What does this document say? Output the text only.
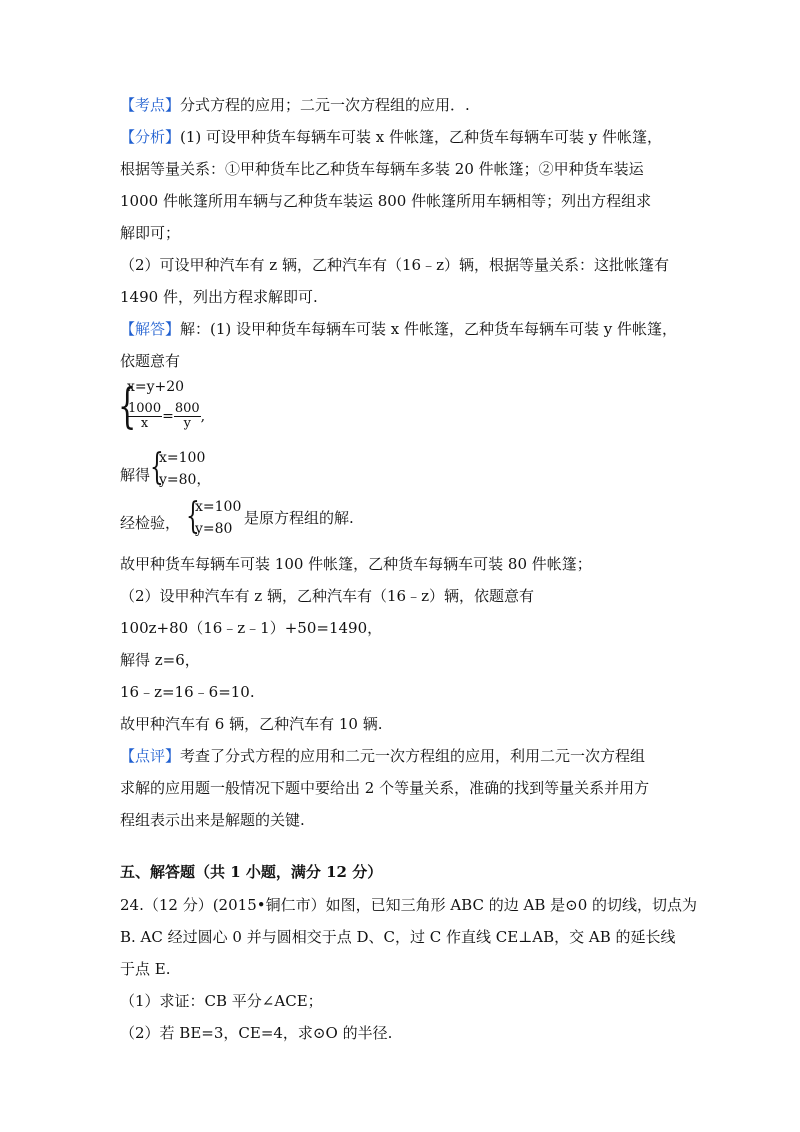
【考点】分式方程的应用；二元一次方程组的应用．.
【分析】(1) 可设甲种货车每辆车可装 x 件帐篷，乙种货车每辆车可装 y 件帐篷，
根据等量关系：①甲种货车比乙种货车每辆车多装 20 件帐篷；②甲种货车装运
1000 件帐篷所用车辆与乙种货车装运 800 件帐篷所用车辆相等；列出方程组求
解即可；
（2）可设甲种汽车有 z 辆，乙种汽车有（16﹣z）辆，根据等量关系：这批帐篷有
1490 件，列出方程求解即可.
【解答】解：(1) 设甲种货车每辆车可装 x 件帐篷，乙种货车每辆车可装 y 件帐篷，
依题意有
{
x=y+20
$\frac{1000}{x} = \frac{800}{y}$ ,
解得 {
x=100
y=80，
经检验， {
x=100
y=80
是原方程组的解.
故甲种货车每辆车可装 100 件帐篷，乙种货车每辆车可装 80 件帐篷；
（2）设甲种汽车有 z 辆，乙种汽车有（16﹣z）辆，依题意有
100z+80（16﹣z﹣1）+50=1490，
解得 z=6，
16﹣z=16﹣6=10.
故甲种汽车有 6 辆，乙种汽车有 10 辆.
【点评】考查了分式方程的应用和二元一次方程组的应用，利用二元一次方程组
求解的应用题一般情况下题中要给出 2 个等量关系，准确的找到等量关系并用方
程组表示出来是解题的关键.
五、解答题（共 1 小题，满分 12 分）
24.（12 分）(2015•铜仁市）如图，已知三角形 ABC 的边 AB 是⊙0 的切线，切点为
B. AC 经过圆心 0 并与圆相交于点 D、C，过 C 作直线 CE⊥AB，交 AB 的延长线
于点 E.
（1）求证：CB 平分∠ACE；
（2）若 BE=3，CE=4，求⊙O 的半径.
